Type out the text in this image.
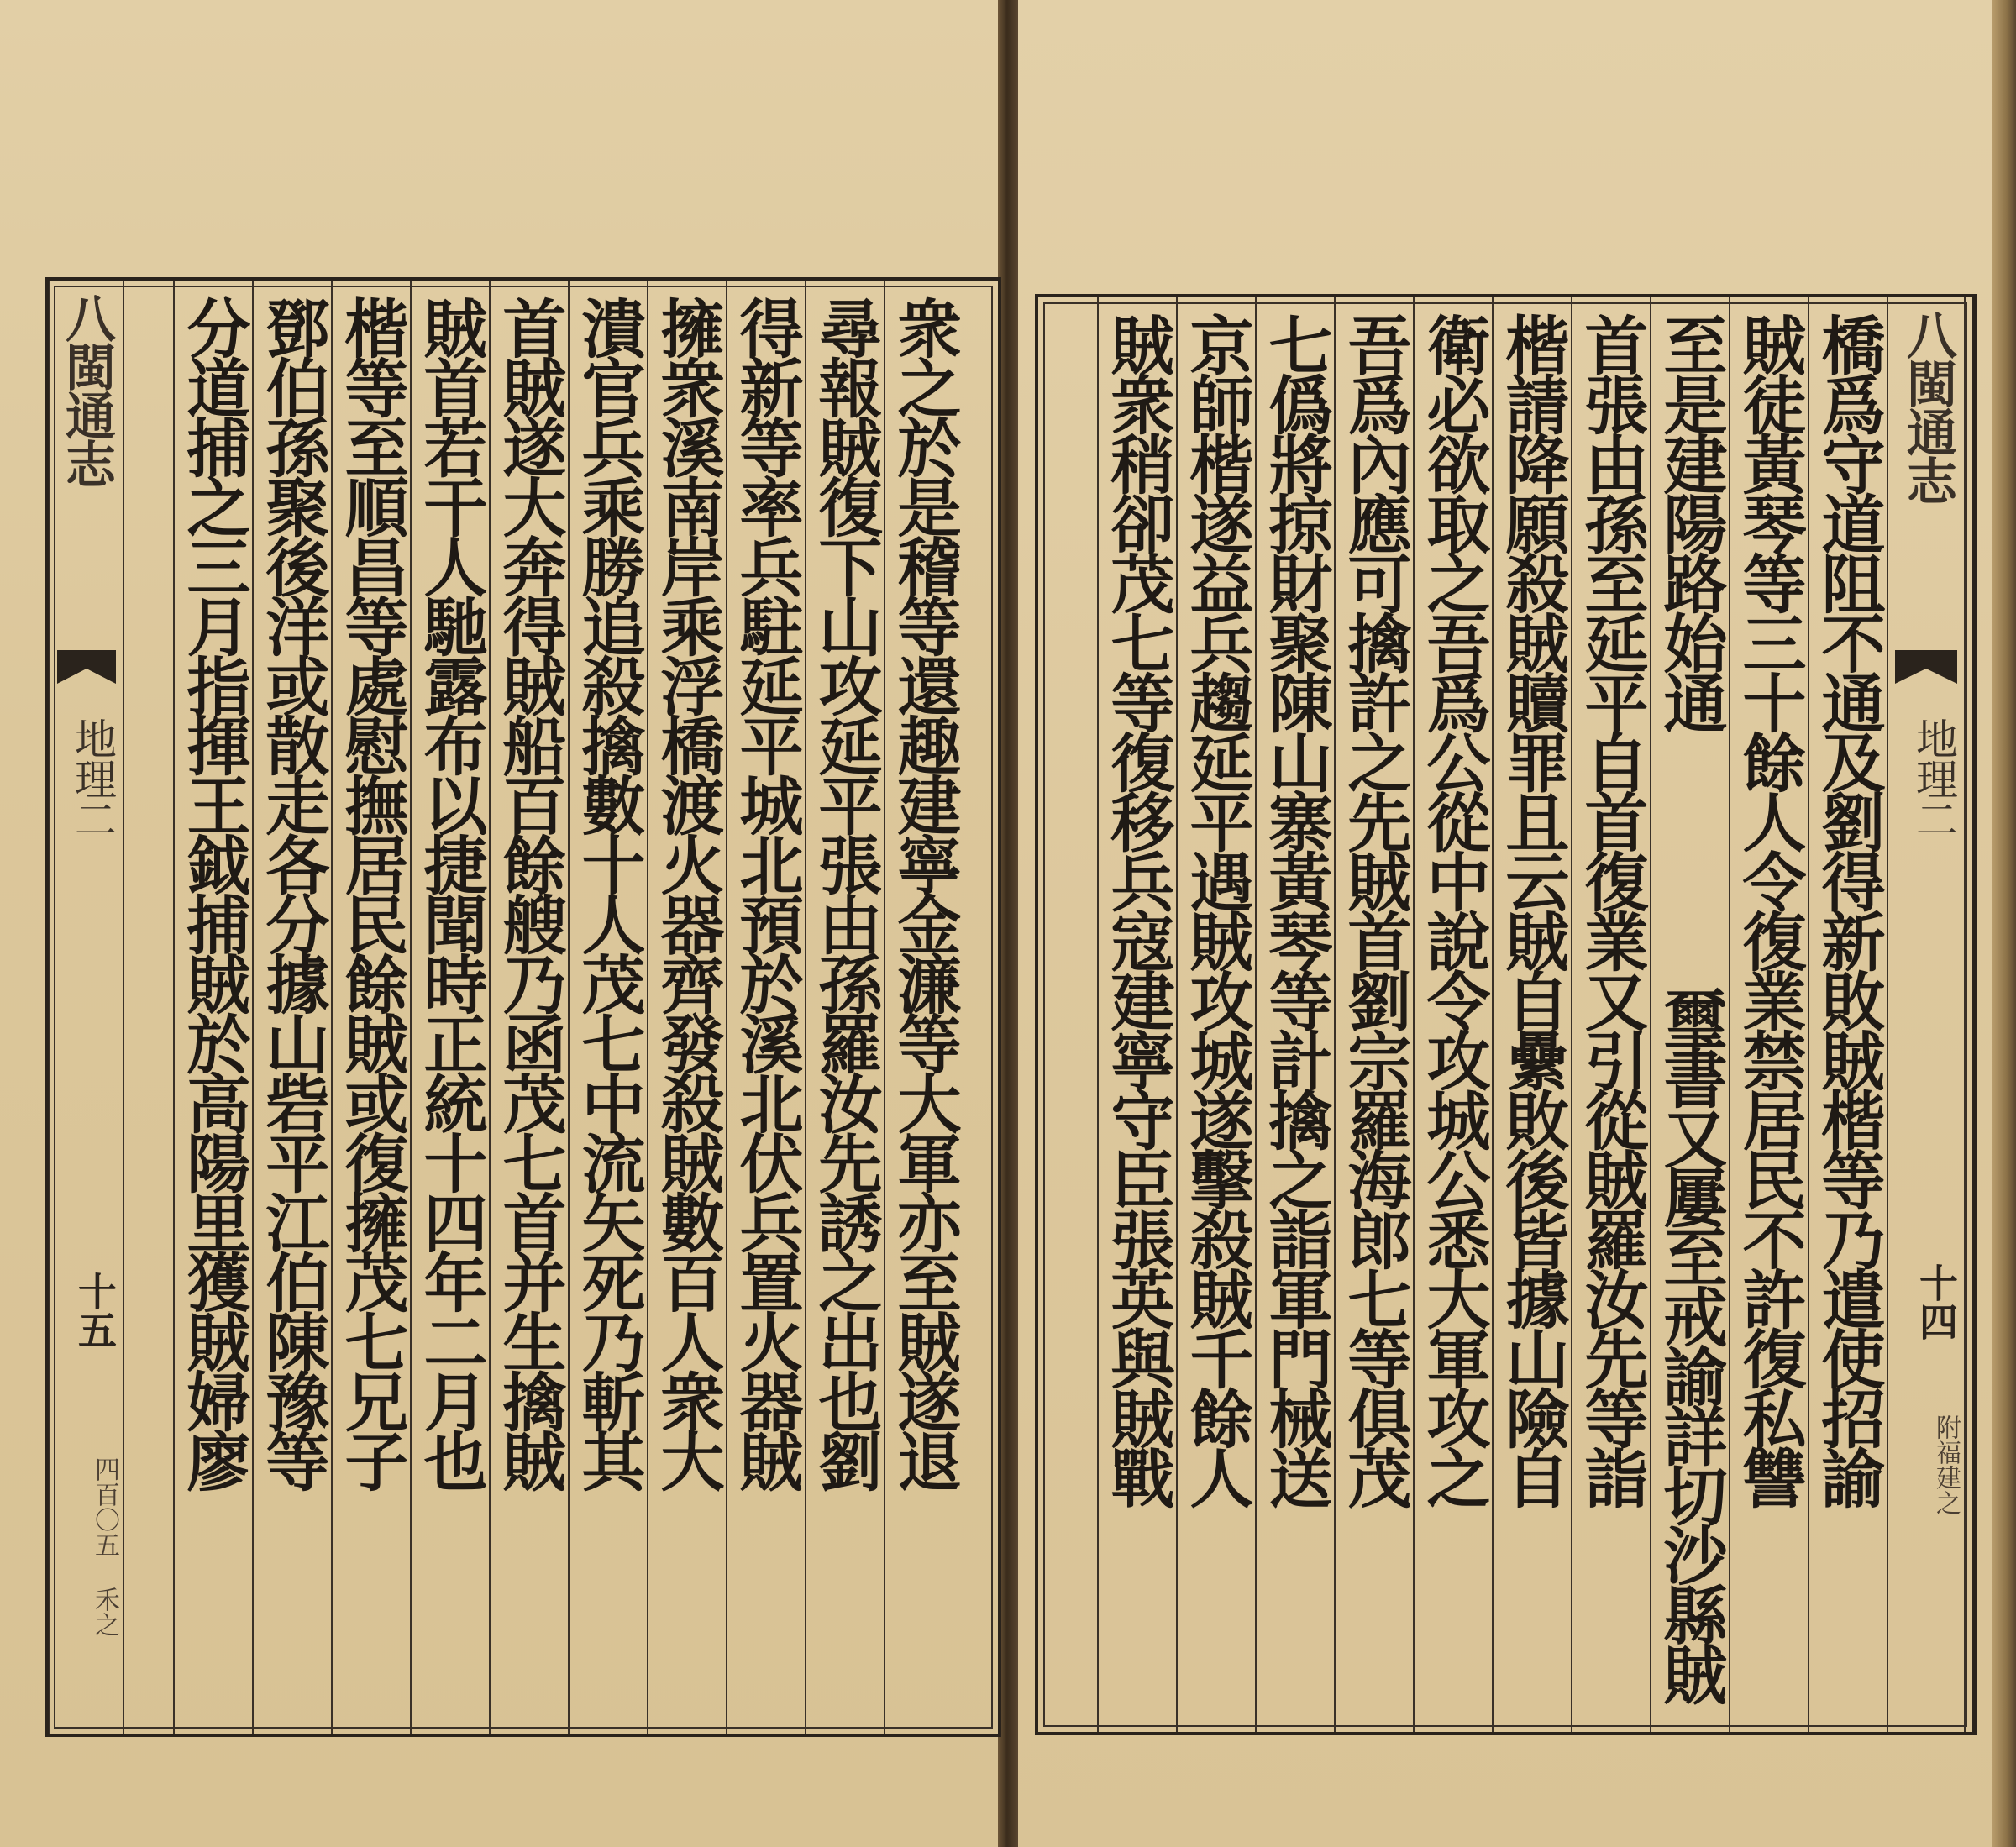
八閩通志
地理二
十五
四百〇五 禾之
衆之於是稽等還趣建寧金濂等大軍亦至賊遂退
尋報賊復下山攻延平張由孫羅汝先誘之出也劉
得新等率兵駐延平城北預於溪北伏兵置火器賊
擁衆溪南岸乘浮橋渡火器齊發殺賊數百人衆大
潰官兵乘勝追殺擒數十人茂七中流矢死乃斬其
首賊遂大奔得賊船百餘艘乃函茂七首并生擒賊
賊首若干人馳露布以捷聞時正統十四年二月也
楷等至順昌等處慰撫居民餘賊或復擁茂七兄子
鄧伯孫聚後洋或散走各分據山砦平江伯陳豫等
分道捕之三月指揮王鉞捕賊於高陽里獲賊婦廖	八閩通志
地理二
十四
附福建之
橋爲守道阻不通及劉得新敗賊楷等乃遣使招諭
賊徒黃琴等三十餘人令復業禁居民不許復私讐
至是建陽路始通
璽書又屢至戒諭詳切沙縣賊
首張由孫至延平自首復業又引從賊羅汝先等詣
楷請降願殺賊贖罪且云賊自纍敗後皆據山險自
衛必欲取之吾爲公從中說令攻城公悉大軍攻之
吾爲內應可擒許之先賊首劉宗羅海郎七等俱茂
七僞將掠財聚陳山寨黃琴等計擒之詣軍門械送
京師楷遂益兵趨延平遇賊攻城遂擊殺賊千餘人
賊衆稍卻茂七等復移兵寇建寧守臣張英與賊戰
